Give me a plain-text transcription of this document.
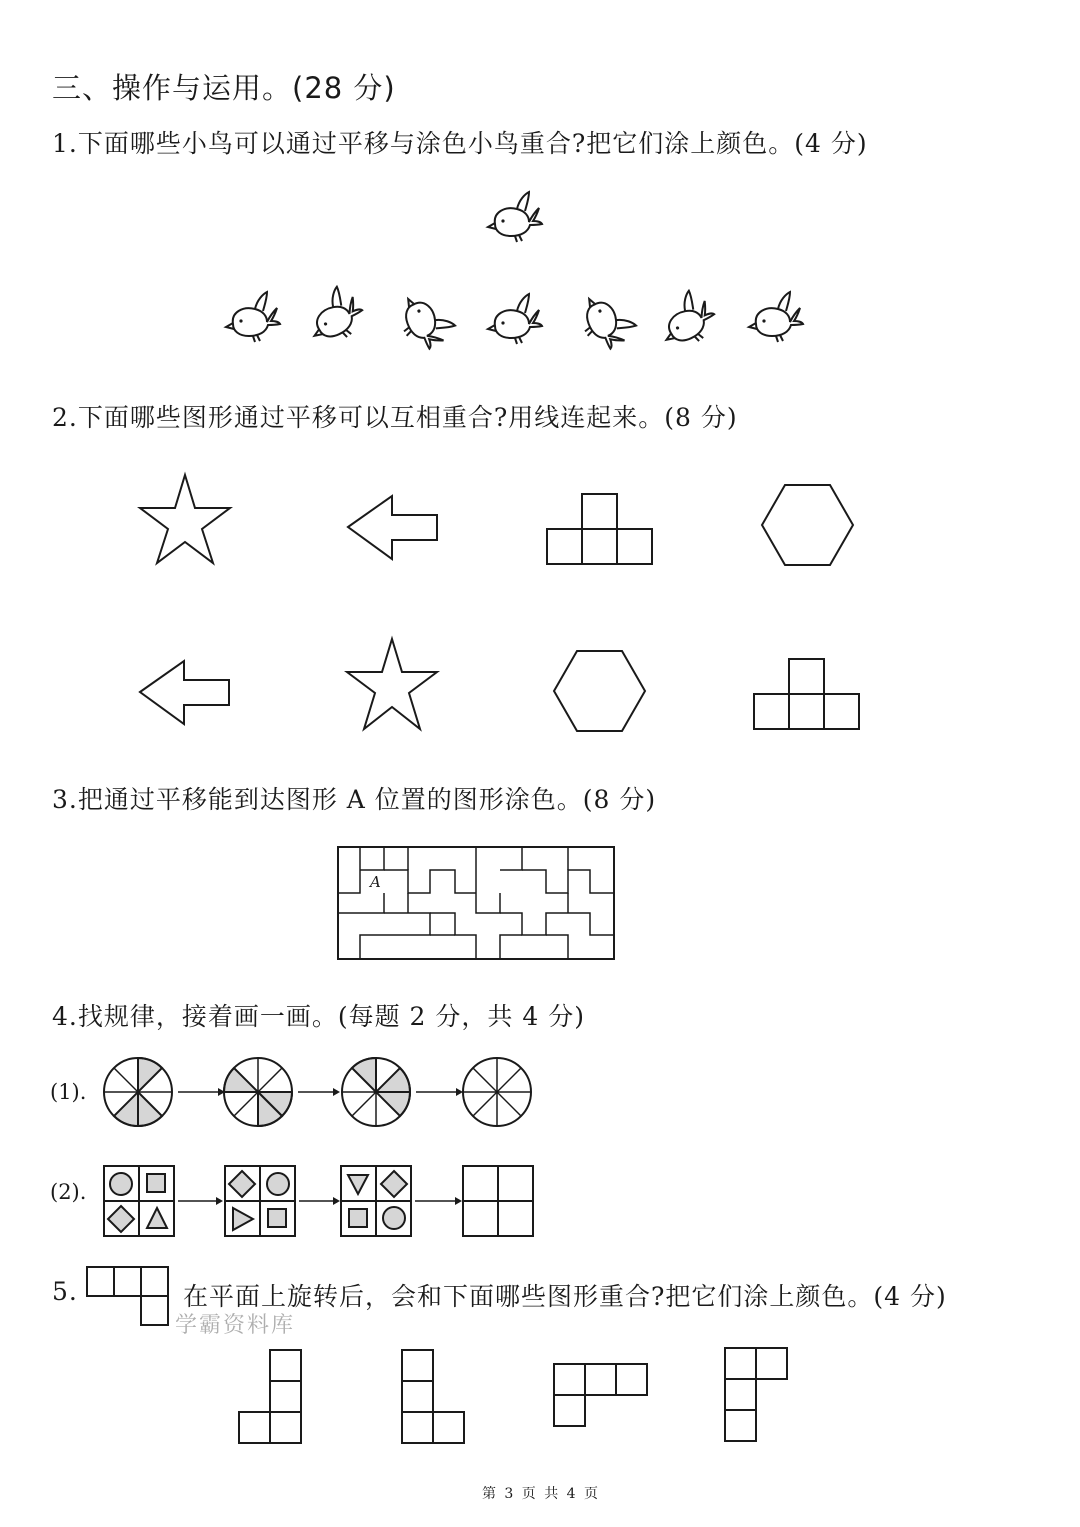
三、操作与运用。(28 分)
1.下面哪些小鸟可以通过平移与涂色小鸟重合?把它们涂上颜色。(4 分)
2.下面哪些图形通过平移可以互相重合?用线连起来。(8 分)
3.把通过平移能到达图形 A 位置的图形涂色。(8 分)
4.找规律，接着画一画。(每题 2 分，共 4 分)
5.	在平面上旋转后，会和下面哪些图形重合?把它们涂上颜色。(4 分)
(1).
(2).
学霸资料库
第 3 页 共 4 页
A
